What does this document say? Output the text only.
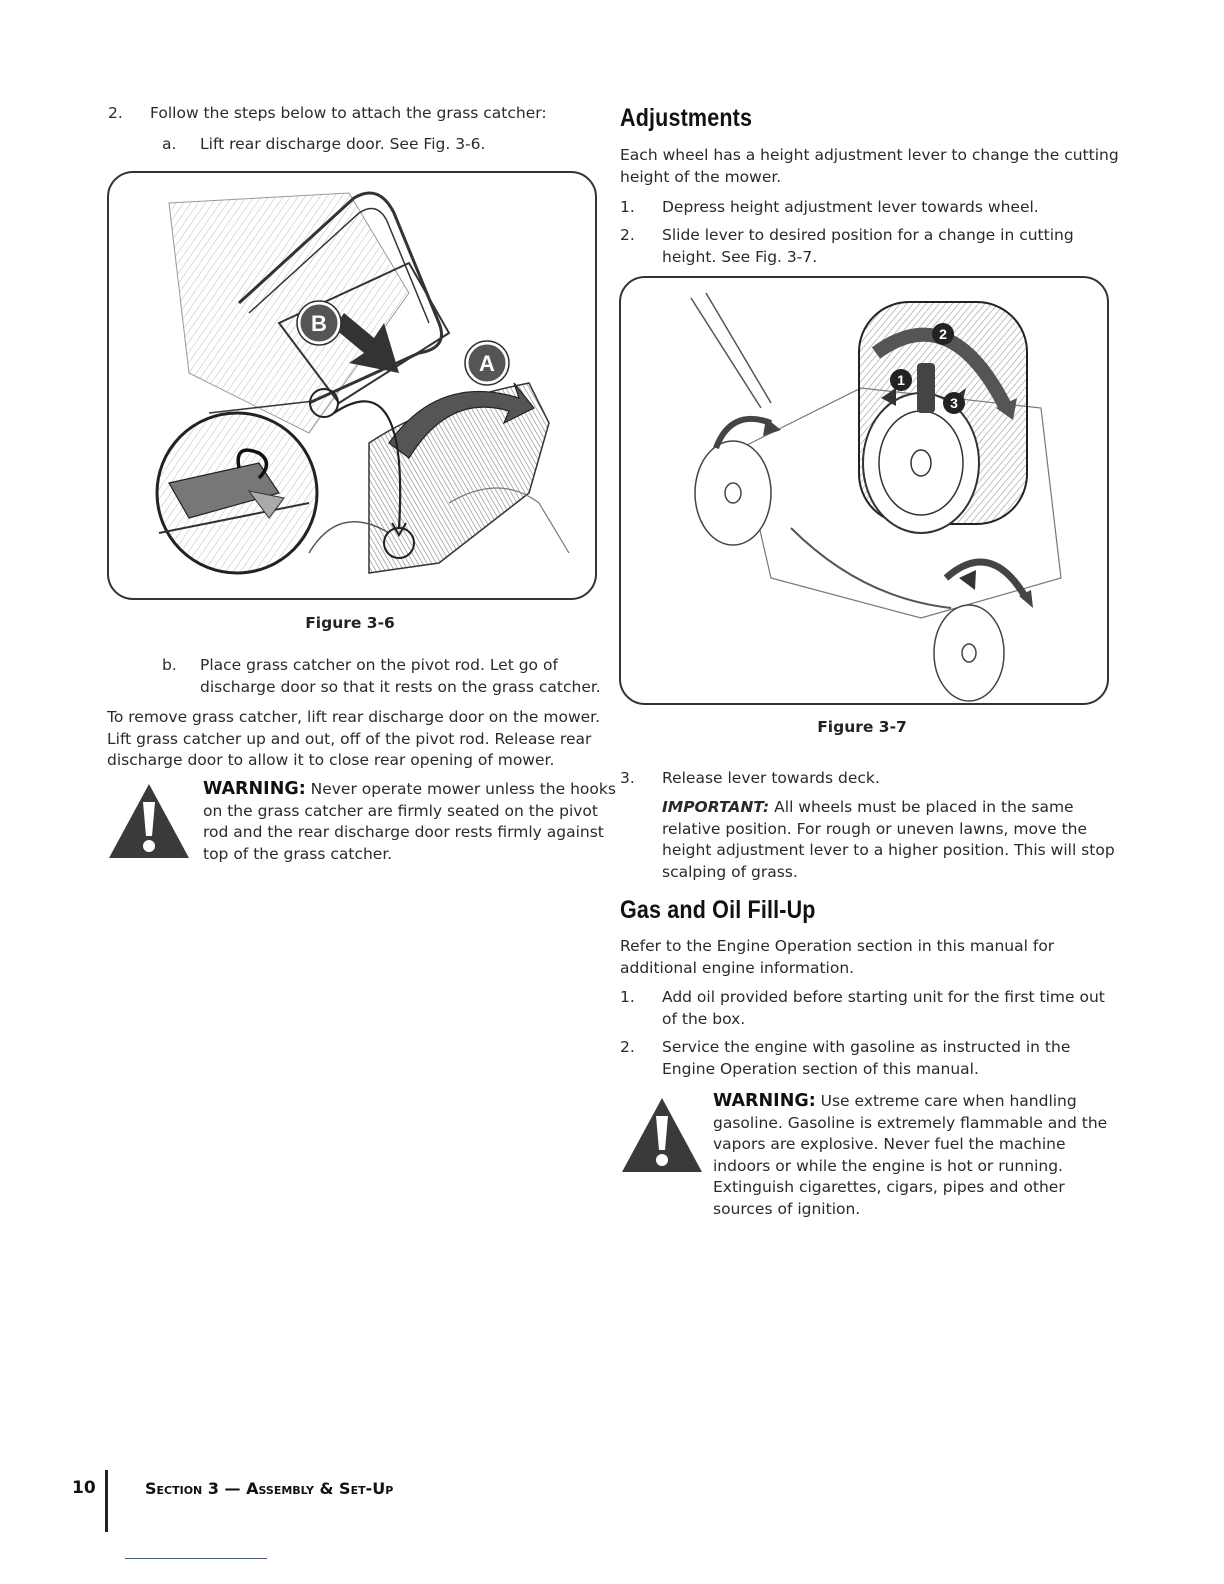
2.	Follow the steps below to attach the grass catcher:
a.	Lift rear discharge door. See Fig. 3-6.
B
A
Figure 3-6
b.	Place grass catcher on the pivot rod. Let go of
discharge door so that it rests on the grass catcher.
To remove grass catcher, lift rear discharge door on the mower.
Lift grass catcher up and out, off of the pivot rod. Release rear
discharge door to allow it to close rear opening of mower.
WARNING: Never operate mower unless the hooks
on the grass catcher are firmly seated on the pivot
rod and the rear discharge door rests firmly against
top of the grass catcher.
Adjustments
Each wheel has a height adjustment lever to change the cutting
height of the mower.
1.	Depress height adjustment lever towards wheel.
2.	Slide lever to desired position for a change in cutting
height. See Fig. 3-7.
2
1
3
Figure 3-7
3.	Release lever towards deck.
IMPORTANT: All wheels must be placed in the same
relative position. For rough or uneven lawns, move the
height adjustment lever to a higher position. This will stop
scalping of grass.
Gas and Oil Fill-Up
Refer to the Engine Operation section in this manual for
additional engine information.
1.	Add oil provided before starting unit for the first time out
of the box.
2.	Service the engine with gasoline as instructed in the
Engine Operation section of this manual.
WARNING: Use extreme care when handling
gasoline. Gasoline is extremely flammable and the
vapors are explosive. Never fuel the machine
indoors or while the engine is hot or running.
Extinguish cigarettes, cigars, pipes and other
sources of ignition.
10	Section 3 — Assembly & Set-Up
